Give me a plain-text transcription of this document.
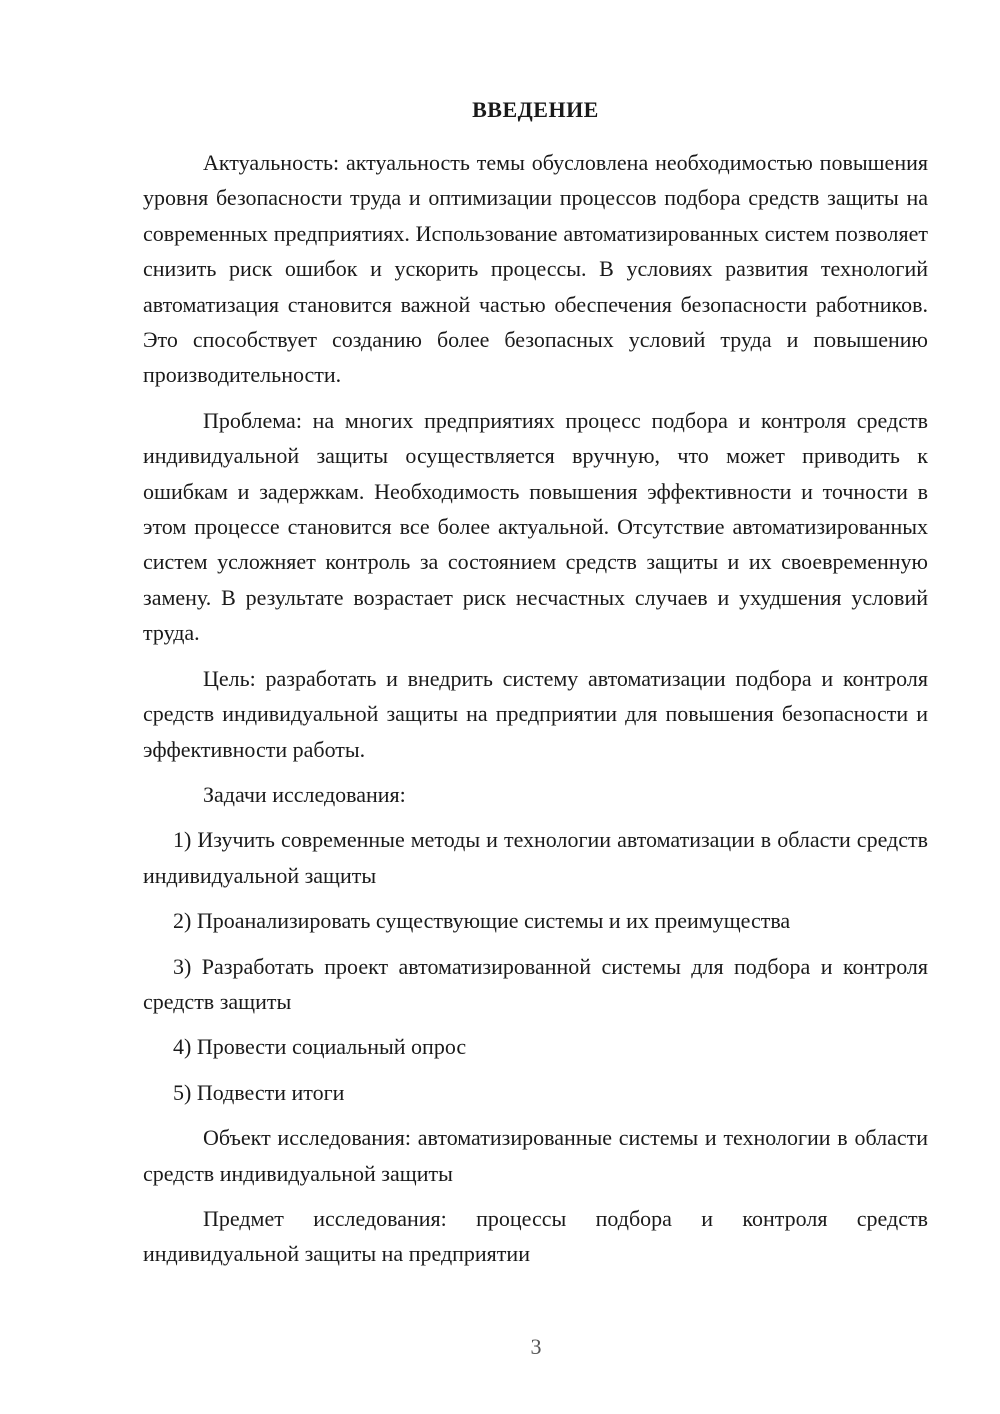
ВВЕДЕНИЕ

Актуальность: актуальность темы обусловлена необходимостью повышения уровня безопасности труда и оптимизации процессов подбора средств защиты на современных предприятиях. Использование автоматизированных систем позволяет снизить риск ошибок и ускорить процессы. В условиях развития технологий автоматизация становится важной частью обеспечения безопасности работников. Это способствует созданию более безопасных условий труда и повышению производительности.

Проблема: на многих предприятиях процесс подбора и контроля средств индивидуальной защиты осуществляется вручную, что может приводить к ошибкам и задержкам. Необходимость повышения эффективности и точности в этом процессе становится все более актуальной. Отсутствие автоматизированных систем усложняет контроль за состоянием средств защиты и их своевременную замену. В результате возрастает риск несчастных случаев и ухудшения условий труда.

Цель: разработать и внедрить систему автоматизации подбора и контроля средств индивидуальной защиты на предприятии для повышения безопасности и эффективности работы.

Задачи исследования:

1) Изучить современные методы и технологии автоматизации в области средств индивидуальной защиты

2) Проанализировать существующие системы и их преимущества

3) Разработать проект автоматизированной системы для подбора и контроля средств защиты

4) Провести социальный опрос

5) Подвести итоги

Объект исследования: автоматизированные системы и технологии в области средств индивидуальной защиты

Предмет исследования: процессы подбора и контроля средств индивидуальной защиты на предприятии

3
